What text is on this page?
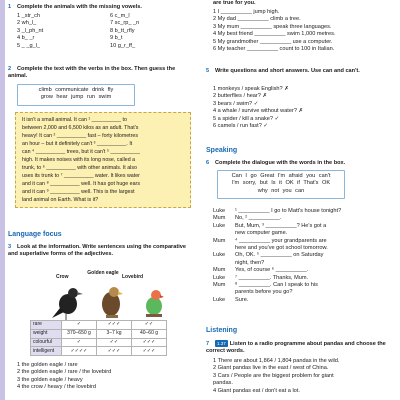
1 Complete the animals with the missing vowels.
1 _str_ch
2 wh_l_
3 _l_ph_nt
4 b_ _r
5 _ _g_l_
6 c_m_l
7 sc_rp_ _n
8 b_tt_rfly
9 b_t
10 g_r_ff_
2 Complete the text with the verbs in the box. Then guess the animal.
climb communicate drink fly
grow hear jump run swim
It isn't a small animal. It can ¹ __________ to
between 2,000 and 6,500 kilos as an adult. That's
heavy! It can ² __________ fast – forty kilometres
an hour – but it definitely can't ³ __________. It
can ⁴ __________ trees, but it can't ⁵ __________
high. It makes noises with its long nose, called a
trunk, to ⁶ __________ with other animals. It also
uses its trunk to ⁷ __________ water. It likes water
and it can ⁸ __________ well. It has got huge ears
and it can ⁹ __________ well. This is the largest
land animal on Earth. What is it?
Language focus
3 Look at the information. Write sentences using the comparative and superlative forms of the adjectives.
rare	✓	✓✓✓	✓✓
weight	370–650 g	3–7 kg	40–60 g
colourful	✓	✓✓	✓✓✓
intelligent	✓✓✓✓	✓✓✓	✓✓✓
Crow
Golden eagle
Lovebird
1 the golden eagle / rare
2 the golden eagle / rare / the lovebird
3 the golden eagle / heavy
4 the crow / heavy / the lovebird
are true for you.
1 I __________ jump high.
2 My dad __________ climb a tree.
3 My mum __________ speak three languages.
4 My best friend __________ swim 1,000 metres.
5 My grandmother __________ use a computer.
6 My teacher __________ count to 100 in Italian.
5 Write questions and short answers. Use can and can't.
1 monkeys / speak English? ✗
2 butterflies / hear? ✗
3 bears / swim? ✓
4 a whale / survive without water? ✗
5 a spider / kill a snake? ✓
6 camels / run fast? ✓
Speaking
6 Complete the dialogue with the words in the box.
Can I go Great I'm afraid you can't
I'm sorry, but Is it OK if That's OK
why not you can
Luke ¹ __________ I go to Matt's house tonight?
Mum No, ² __________.
Luke But, Mum, ³ __________? He's got a
new computer game.
Mum ⁴ __________ your grandparents are
here and you've got school tomorrow.
Luke Oh, OK. ⁵ __________ on Saturday
night, then?
Mum Yes, of course ⁶ __________.
Luke ⁷ __________. Thanks, Mum.
Mum ⁸ __________. Can I speak to his
parents before you go?
Luke Sure.
Listening
7 1.37 Listen to a radio programme about pandas and choose the correct words.
1 There are about 1,864 / 1,804 pandas in the wild.
2 Giant pandas live in the east / west of China.
3 Cars / People are the biggest problem for giant
pandas.
4 Giant pandas eat / don't eat a lot.
